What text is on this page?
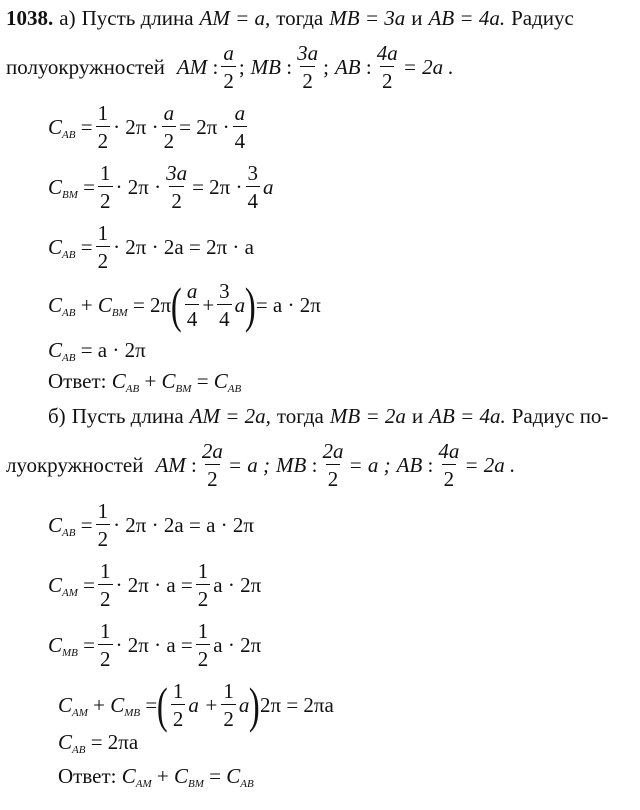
1038. а) Пусть длина AM = a, тогда MB = 3a и AB = 4a. Радиус
полуокружностей AM : $\frac{a}{2}$ ; MB : $\frac{3a}{2}$ ; AB : $\frac{4a}{2} = 2a$ .
$C_{AB}$
= $\frac{1}{2} \cdot 2\pi \cdot \frac{a}{2} = 2\pi \cdot \frac{a}{4}$
$C_{BM}$
= $\frac{1}{2} \cdot 2\pi \cdot \frac{3a}{2} = 2\pi \cdot \frac{3}{4}$ a
$C_{AB}$
= $\frac{1}{2} \cdot 2\pi \cdot 2a = 2\pi \cdot a$
$C_{AB}$
+
$C_{BM}$
= 2π ( $\frac{a}{4} + \frac{3}{4}$ a ) = a · 2π
$C_{AB}$
= a · 2π
Ответ:
$C_{AB}$
+
$C_{BM}$
=
$C_{AB}$
б) Пусть длина AM = 2a, тогда MB = 2a и AB = 4a. Радиус по-
луокружностей AM : $\frac{2a}{2} = a$ ; MB : $\frac{2a}{2} = a$ ; AB : $\frac{4a}{2} = 2a$ .
$C_{AB}$
= $\frac{1}{2} \cdot 2\pi \cdot 2a = a \cdot 2\pi$
$C_{AM}$
= $\frac{1}{2} \cdot 2\pi \cdot a = \frac{1}{2}$ a · 2π
$C_{MB}$
= $\frac{1}{2} \cdot 2\pi \cdot a = \frac{1}{2}$ a · 2π
$C_{AM}$
+
$C_{MB}$
= ( $\frac{1}{2}$ $a + \frac{1}{2}$ a ) 2π = 2πa
$C_{AB}$
= 2πa
Ответ:
$C_{AM}$
+
$C_{BM}$
=
$C_{AB}$
